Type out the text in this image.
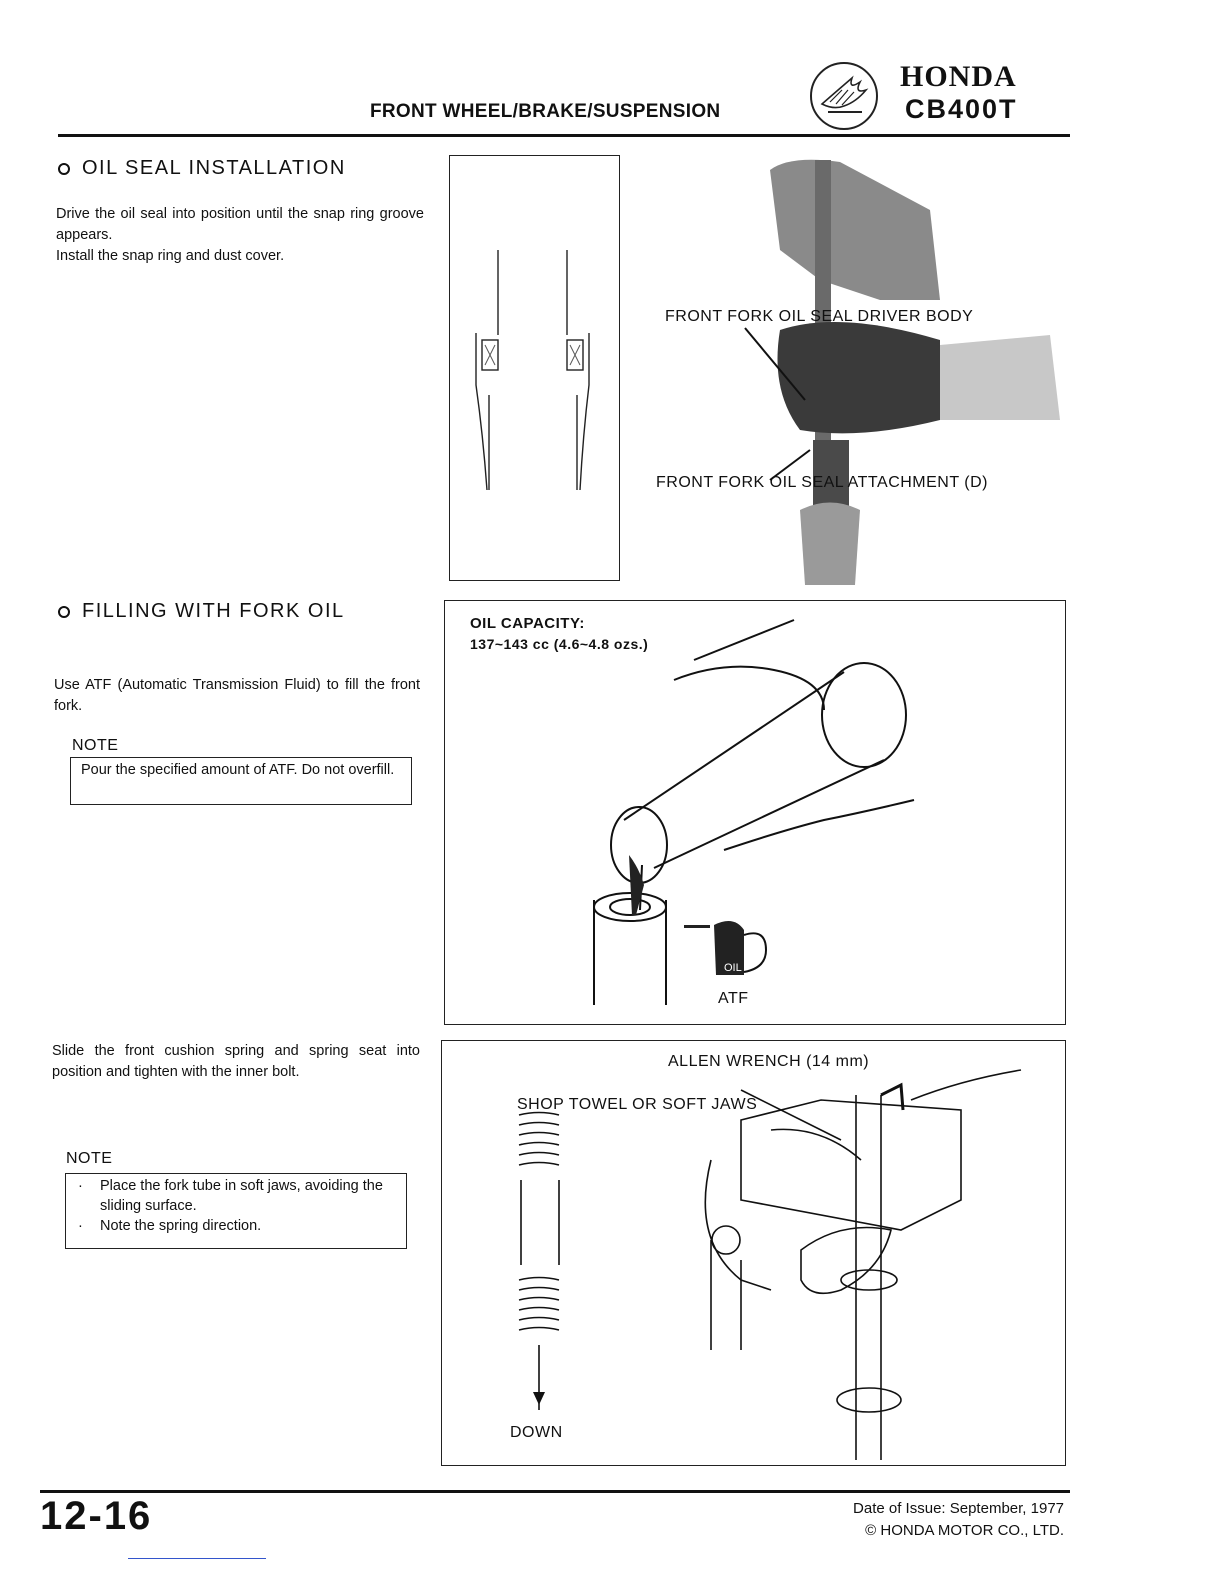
FRONT WHEEL/BRAKE/SUSPENSION
HONDA
CB400T
OIL SEAL INSTALLATION
Drive the oil seal into position until the snap ring groove appears.
Install the snap ring and dust cover.
FRONT FORK OIL SEAL DRIVER BODY
FRONT FORK OIL SEAL ATTACHMENT (D)
FILLING WITH FORK OIL
Use ATF (Automatic Transmission Fluid) to fill the front fork.
NOTE
Pour the specified amount of ATF. Do not overfill.
OIL CAPACITY:
137~143 cc (4.6~4.8 ozs.)
OIL
ATF
Slide the front cushion spring and spring seat into position and tighten with the inner bolt.
NOTE
· Place the fork tube in soft jaws, avoiding the sliding surface.
· Note the spring direction.
ALLEN WRENCH (14 mm)
SHOP TOWEL OR SOFT JAWS
DOWN
12-16	Date of Issue: September, 1977
© HONDA MOTOR CO., LTD.
